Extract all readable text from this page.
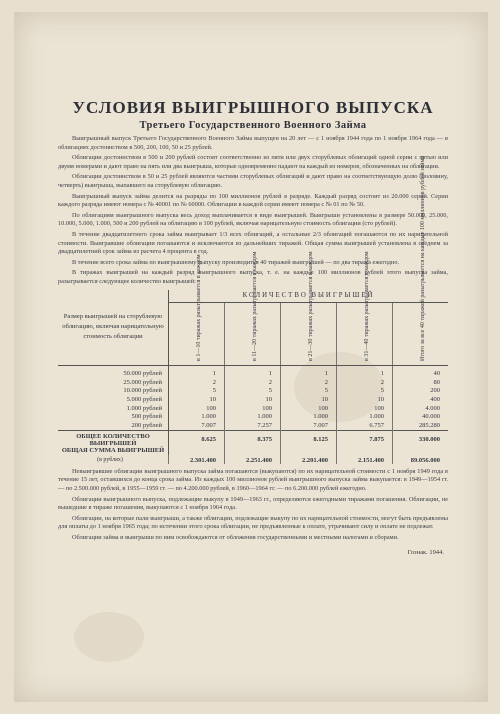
УСЛОВИЯ ВЫИГРЫШНОГО ВЫПУСКА
Третьего Государственного Военного Займа

Выигрышный выпуск Третьего Государственного Военного Займа выпущен на 20 лет — с 1 ноября 1944 года по 1 ноября 1964 года — в облигациях достоинством в 500, 200, 100, 50 и 25 рублей.

Облигации достоинством в 500 и 200 рублей состоят соответственно из пяти или двух сторублевых облигаций одной серии с пятью или двумя номерами и дают право на пять или два выигрыша, которые одновременно падают на каждый из номеров, обозначенных на облигации.

Облигации достоинством в 50 и 25 рублей являются частями сторублевых облигаций и дают право на соответствующую долю (половину, четверть) выигрыша, выпавшего на сторублевую облигацию.

Выигрышный выпуск займа делится на разряды по 100 миллионов рублей в разряде. Каждый разряд состоит из 20.000 серий. Серии каждого разряда имеют номера с № 40001 по № 60000. Облигации в каждой серии имеют номера с № 01 по № 50.

По облигациям выигрышного выпуска весь доход выплачивается в виде выигрышей. Выигрыши установлены в размере 50.000, 25.000, 10.000, 5.000, 1.000, 500 и 200 рублей на облигацию в 100 рублей, включая нарицательную стоимость облигации (сто рублей).

В течение двадцатилетнего срока займа выигрывает 1/3 всех облигаций, а остальные 2/3 облигаций погашаются по их нарицательной стоимости. Выигравшие облигации погашаются и исключаются из дальнейших тиражей. Общая сумма выигрышей установлена в среднем за двадцатилетний срок займа из расчета 4 процента в год.

В течение всего срока займа по выигрышному выпуску производится 40 тиражей выигрышей — по два тиража ежегодно.

В тиражах выигрышей на каждый разряд выигрышного выпуска, т. е. на каждые 100 миллионов рублей этого выпуска займа, разыгрывается следующее количество выигрышей:

Размер выигрышей на сторублевую облигацию, включая нарицательную стоимость облигации	КОЛИЧЕСТВО ВЫИГРЫШЕЙ				

	в 1—10 тиражах разыгрывается в каждом	в 11—20 тиражах разыгрывается в каждом	в 21—30 тиражах разыгрывается в каждом	в 31—40 тиражах разыгрывается в каждом	Итого за все 40 тиражей разыгрывается на каждые 100 миллионов рублей займа

50.000 рублей	1	1	1	1	40
25.000 рублей	2	2	2	2	80
10.000 рублей	5	5	5	5	200
5.000 рублей	10	10	10	10	400
1.000 рублей	100	100	100	100	4.000
500 рублей	1.000	1.000	1.000	1.000	40.000
200 рублей	7.007	7.257	7.007	6.757	285.280
ОБЩЕЕ КОЛИЧЕСТВО ВЫИГРЫШЕЙ	8.625	8.375	8.125	7.875	330.000
ОБЩАЯ СУММА ВЫИГРЫШЕЙ	2.301.400	2.251.400	2.201.400	2.151.400	89.056.000
(в рублях)					

Невыигравшие облигации выигрышного выпуска займа погашаются (выкупаются) по их нарицательной стоимости с 1 ноября 1949 года в течение 15 лет, оставшихся до конца срока займа. Из каждых 100 миллионов рублей выигрышного выпуска займа выкупается: в 1949—1954 гг. — по 2.500.000 рублей, в 1955—1959 гг. — по 4.200.000 рублей, в 1960—1964 гг. — по 6.200.000 рублей ежегодно.

Облигации выигрышного выпуска, подлежащие выкупу в 1949—1963 гг., определяются ежегодными тиражами погашения. Облигации, не вышедшие в тираже погашения, выкупаются с 1 ноября 1964 года.

Облигации, на которые пали выигрыши, а также облигации, подлежащие выкупу по их нарицательной стоимости, могут быть предъявлены для оплаты до 1 ноября 1965 года; по истечении этого срока облигации, не предъявленные к оплате, утрачивают силу и оплате не подлежат.

Облигации займа и выигрыши по ним освобождаются от обложения государственными и местными налогами и сборами.

Гознак. 1944.
